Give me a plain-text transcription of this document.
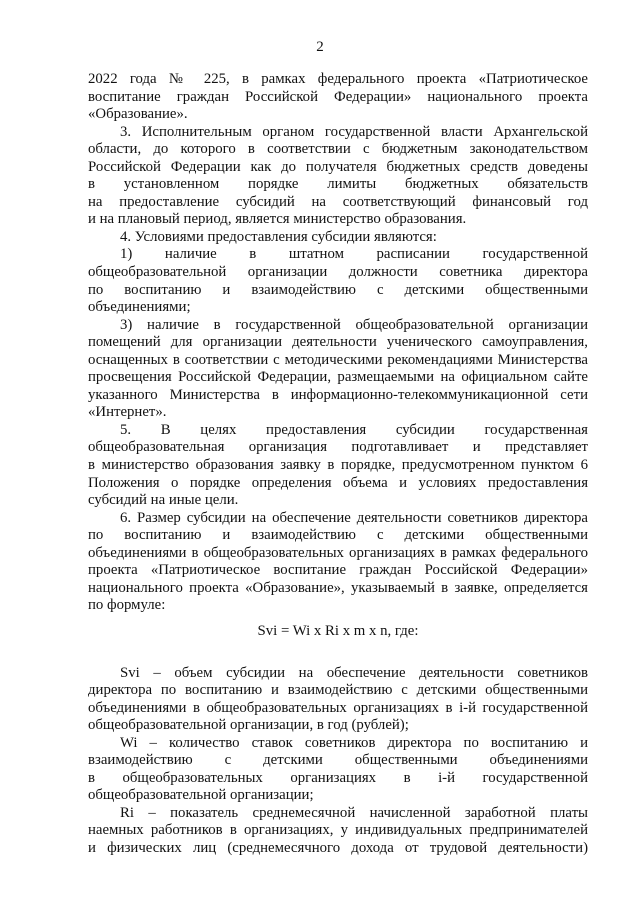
2
2022 года № 225, в рамках федерального проекта «Патриотическое
воспитание граждан Российской Федерации» национального проекта
«Образование».
3. Исполнительным органом государственной власти Архангельской
области, до которого в соответствии с бюджетным законодательством
Российской Федерации как до получателя бюджетных средств доведены
в установленном порядке лимиты бюджетных обязательств
на предоставление субсидий на соответствующий финансовый год
и на плановый период, является министерство образования.
4. Условиями предоставления субсидии являются:
1) наличие в штатном расписании государственной
общеобразовательной организации должности советника директора
по воспитанию и взаимодействию с детскими общественными
объединениями;
3) наличие в государственной общеобразовательной организации
помещений для организации деятельности ученического самоуправления,
оснащенных в соответствии с методическими рекомендациями Министерства
просвещения Российской Федерации, размещаемыми на официальном сайте
указанного Министерства в информационно-телекоммуникационной сети
«Интернет».
5. В целях предоставления субсидии государственная
общеобразовательная организация подготавливает и представляет
в министерство образования заявку в порядке, предусмотренном пунктом 6
Положения о порядке определения объема и условиях предоставления
субсидий на иные цели.
6. Размер субсидии на обеспечение деятельности советников директора
по воспитанию и взаимодействию с детскими общественными
объединениями в общеобразовательных организациях в рамках федерального
проекта «Патриотическое воспитание граждан Российской Федерации»
национального проекта «Образование», указываемый в заявке, определяется
по формуле:
Svi = Wi x Ri x m x n, где:
Svi – объем субсидии на обеспечение деятельности советников
директора по воспитанию и взаимодействию с детскими общественными
объединениями в общеобразовательных организациях в i-й государственной
общеобразовательной организации, в год (рублей);
Wi – количество ставок советников директора по воспитанию и
взаимодействию с детскими общественными объединениями
в общеобразовательных организациях в i-й государственной
общеобразовательной организации;
Ri – показатель среднемесячной начисленной заработной платы
наемных работников в организациях, у индивидуальных предпринимателей
и физических лиц (среднемесячного дохода от трудовой деятельности)
